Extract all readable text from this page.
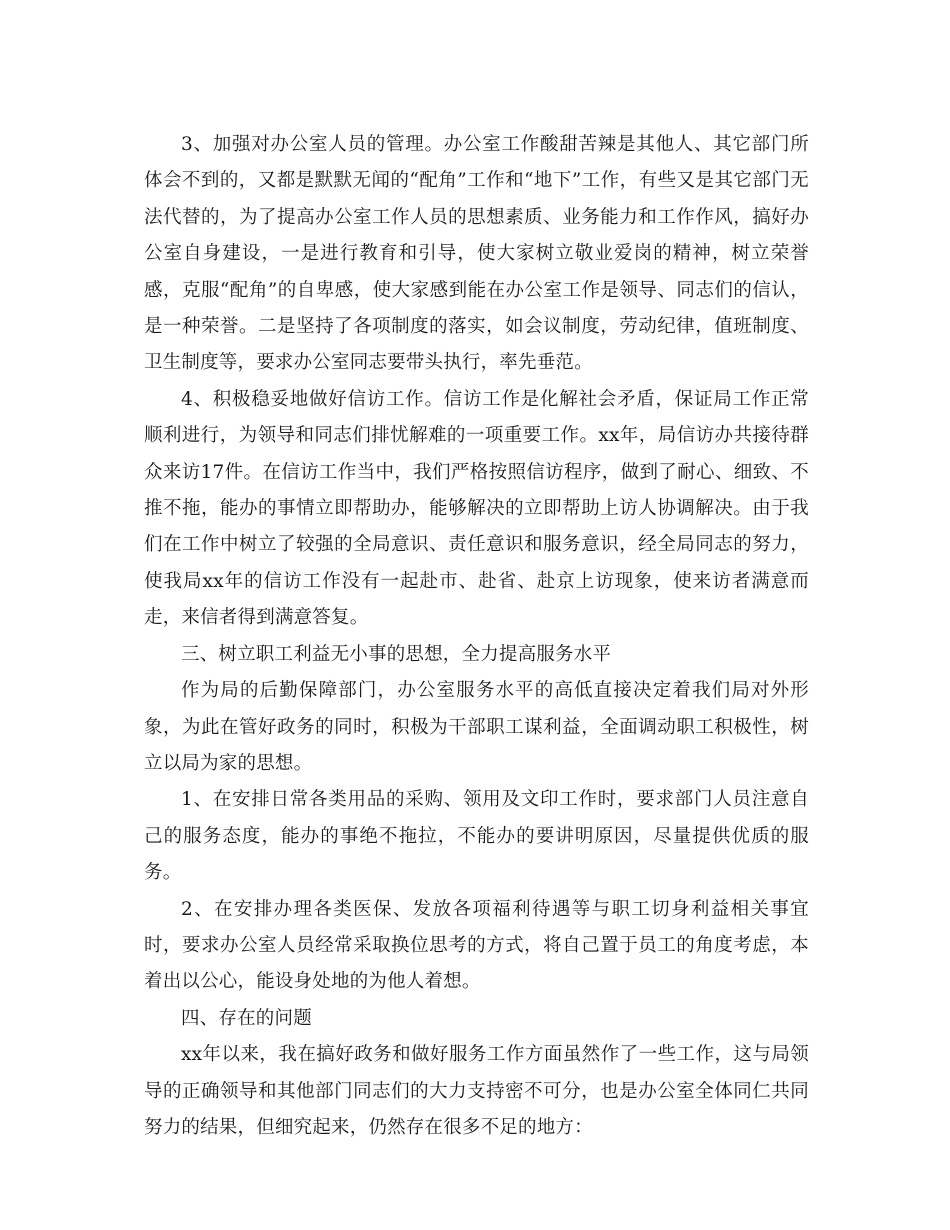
3、加强对办公室人员的管理。办公室工作酸甜苦辣是其他人、其它部门所体会不到的，又都是默默无闻的“配角”工作和“地下”工作，有些又是其它部门无法代替的，为了提高办公室工作人员的思想素质、业务能力和工作作风，搞好办公室自身建设，一是进行教育和引导，使大家树立敬业爱岗的精神，树立荣誉感，克服“配角”的自卑感，使大家感到能在办公室工作是领导、同志们的信认，是一种荣誉。二是坚持了各项制度的落实，如会议制度，劳动纪律，值班制度、卫生制度等，要求办公室同志要带头执行，率先垂范。

4、积极稳妥地做好信访工作。信访工作是化解社会矛盾，保证局工作正常顺利进行，为领导和同志们排忧解难的一项重要工作。xx年，局信访办共接待群众来访17件。在信访工作当中，我们严格按照信访程序，做到了耐心、细致、不推不拖，能办的事情立即帮助办，能够解决的立即帮助上访人协调解决。由于我们在工作中树立了较强的全局意识、责任意识和服务意识，经全局同志的努力，使我局xx年的信访工作没有一起赴市、赴省、赴京上访现象，使来访者满意而走，来信者得到满意答复。

三、树立职工利益无小事的思想，全力提高服务水平

作为局的后勤保障部门，办公室服务水平的高低直接决定着我们局对外形象，为此在管好政务的同时，积极为干部职工谋利益，全面调动职工积极性，树立以局为家的思想。

1、在安排日常各类用品的采购、领用及文印工作时，要求部门人员注意自己的服务态度，能办的事绝不拖拉，不能办的要讲明原因，尽量提供优质的服务。

2、在安排办理各类医保、发放各项福利待遇等与职工切身利益相关事宜时，要求办公室人员经常采取换位思考的方式，将自己置于员工的角度考虑，本着出以公心，能设身处地的为他人着想。

四、存在的问题

xx年以来，我在搞好政务和做好服务工作方面虽然作了一些工作，这与局领导的正确领导和其他部门同志们的大力支持密不可分，也是办公室全体同仁共同努力的结果，但细究起来，仍然存在很多不足的地方：
